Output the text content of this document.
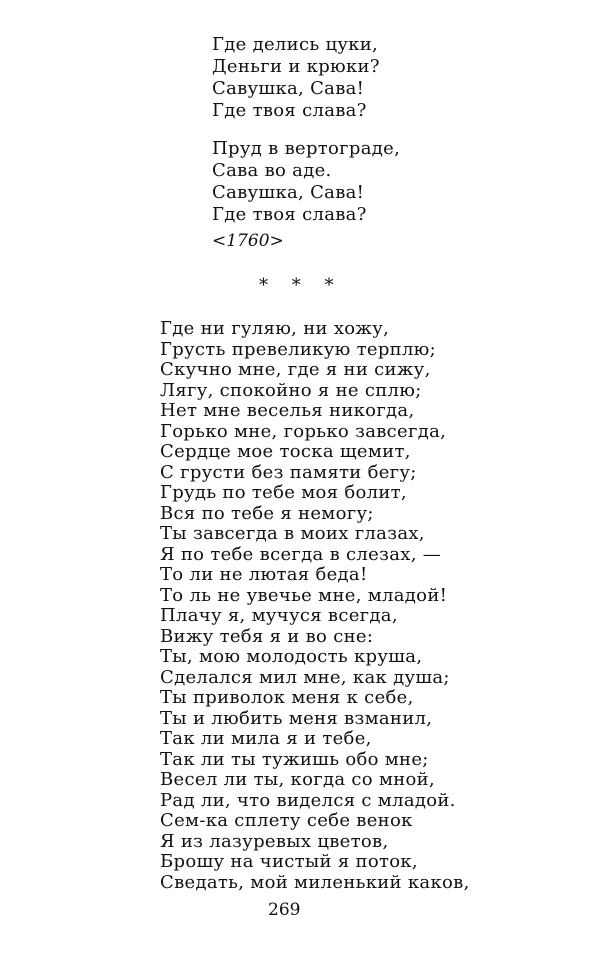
Где делись цуки,
Деньги и крюки?
Савушка, Сава!
Где твоя слава?
Пруд в вертограде,
Сава во аде.
Савушка, Сава!
Где твоя слава?
<1760>
* * *
Где ни гуляю, ни хожу,
Грусть превеликую терплю;
Скучно мне, где я ни сижу,
Лягу, спокойно я не сплю;
Нет мне веселья никогда,
Горько мне, горько завсегда,
Сердце мое тоска щемит,
С грусти без памяти бегу;
Грудь по тебе моя болит,
Вся по тебе я немогу;
Ты завсегда в моих глазах,
Я по тебе всегда в слезах, —
То ли не лютая беда!
То ль не увечье мне, младой!
Плачу я, мучуся всегда,
Вижу тебя я и во сне:
Ты, мою молодость круша,
Сделался мил мне, как душа;
Ты приволок меня к себе,
Ты и любить меня взманил,
Так ли мила я и тебе,
Так ли ты тужишь обо мне;
Весел ли ты, когда со мной,
Рад ли, что виделся с младой.
Сем-ка сплету себе венок
Я из лазуревых цветов,
Брошу на чистый я поток,
Сведать, мой миленький каков,
269
